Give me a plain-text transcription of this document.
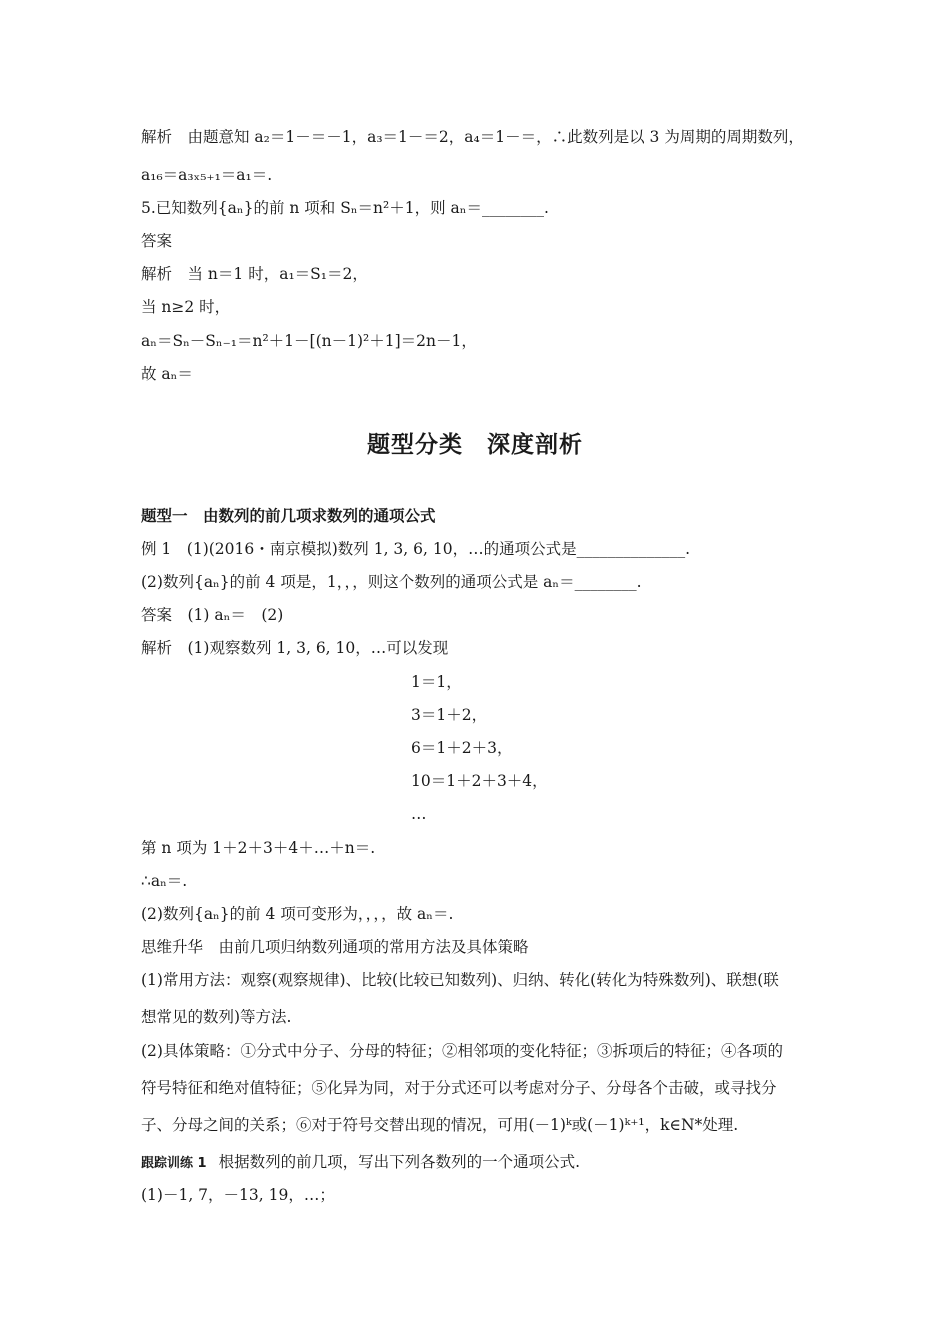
解析　由题意知 a₂＝1－＝－1，a₃＝1－＝2，a₄＝1－＝，∴此数列是以 3 为周期的周期数列，
a₁₆＝a₃ₓ₅₊₁＝a₁＝.
5.已知数列{aₙ}的前 n 项和 Sₙ＝n²＋1，则 aₙ＝________.
答案
解析　当 n＝1 时，a₁＝S₁＝2，
当 n≥2 时，
aₙ＝Sₙ－Sₙ₋₁＝n²＋1－[(n－1)²＋1]＝2n－1，
故 aₙ＝
题型分类　深度剖析
题型一　由数列的前几项求数列的通项公式
例 1　(1)(2016・南京模拟)数列 1, 3, 6, 10，…的通项公式是______________.
(2)数列{aₙ}的前 4 项是，1，，，则这个数列的通项公式是 aₙ＝________.
答案　(1) aₙ＝　(2)
解析　(1)观察数列 1, 3, 6, 10，…可以发现
1＝1，
3＝1＋2，
6＝1＋2＋3，
10＝1＋2＋3＋4，
…
第 n 项为 1＋2＋3＋4＋…＋n＝.
∴aₙ＝.
(2)数列{aₙ}的前 4 项可变形为，，，，故 aₙ＝.
思维升华　由前几项归纳数列通项的常用方法及具体策略
(1)常用方法：观察(观察规律)、比较(比较已知数列)、归纳、转化(转化为特殊数列)、联想(联
想常见的数列)等方法.
(2)具体策略：①分式中分子、分母的特征；②相邻项的变化特征；③拆项后的特征；④各项的
符号特征和绝对值特征；⑤化异为同，对于分式还可以考虑对分子、分母各个击破，或寻找分
子、分母之间的关系；⑥对于符号交替出现的情况，可用(－1)ᵏ或(－1)ᵏ⁺¹，k∈N*处理.
跟踪训练 1 根据数列的前几项，写出下列各数列的一个通项公式.
(1)－1, 7，－13, 19，…；
